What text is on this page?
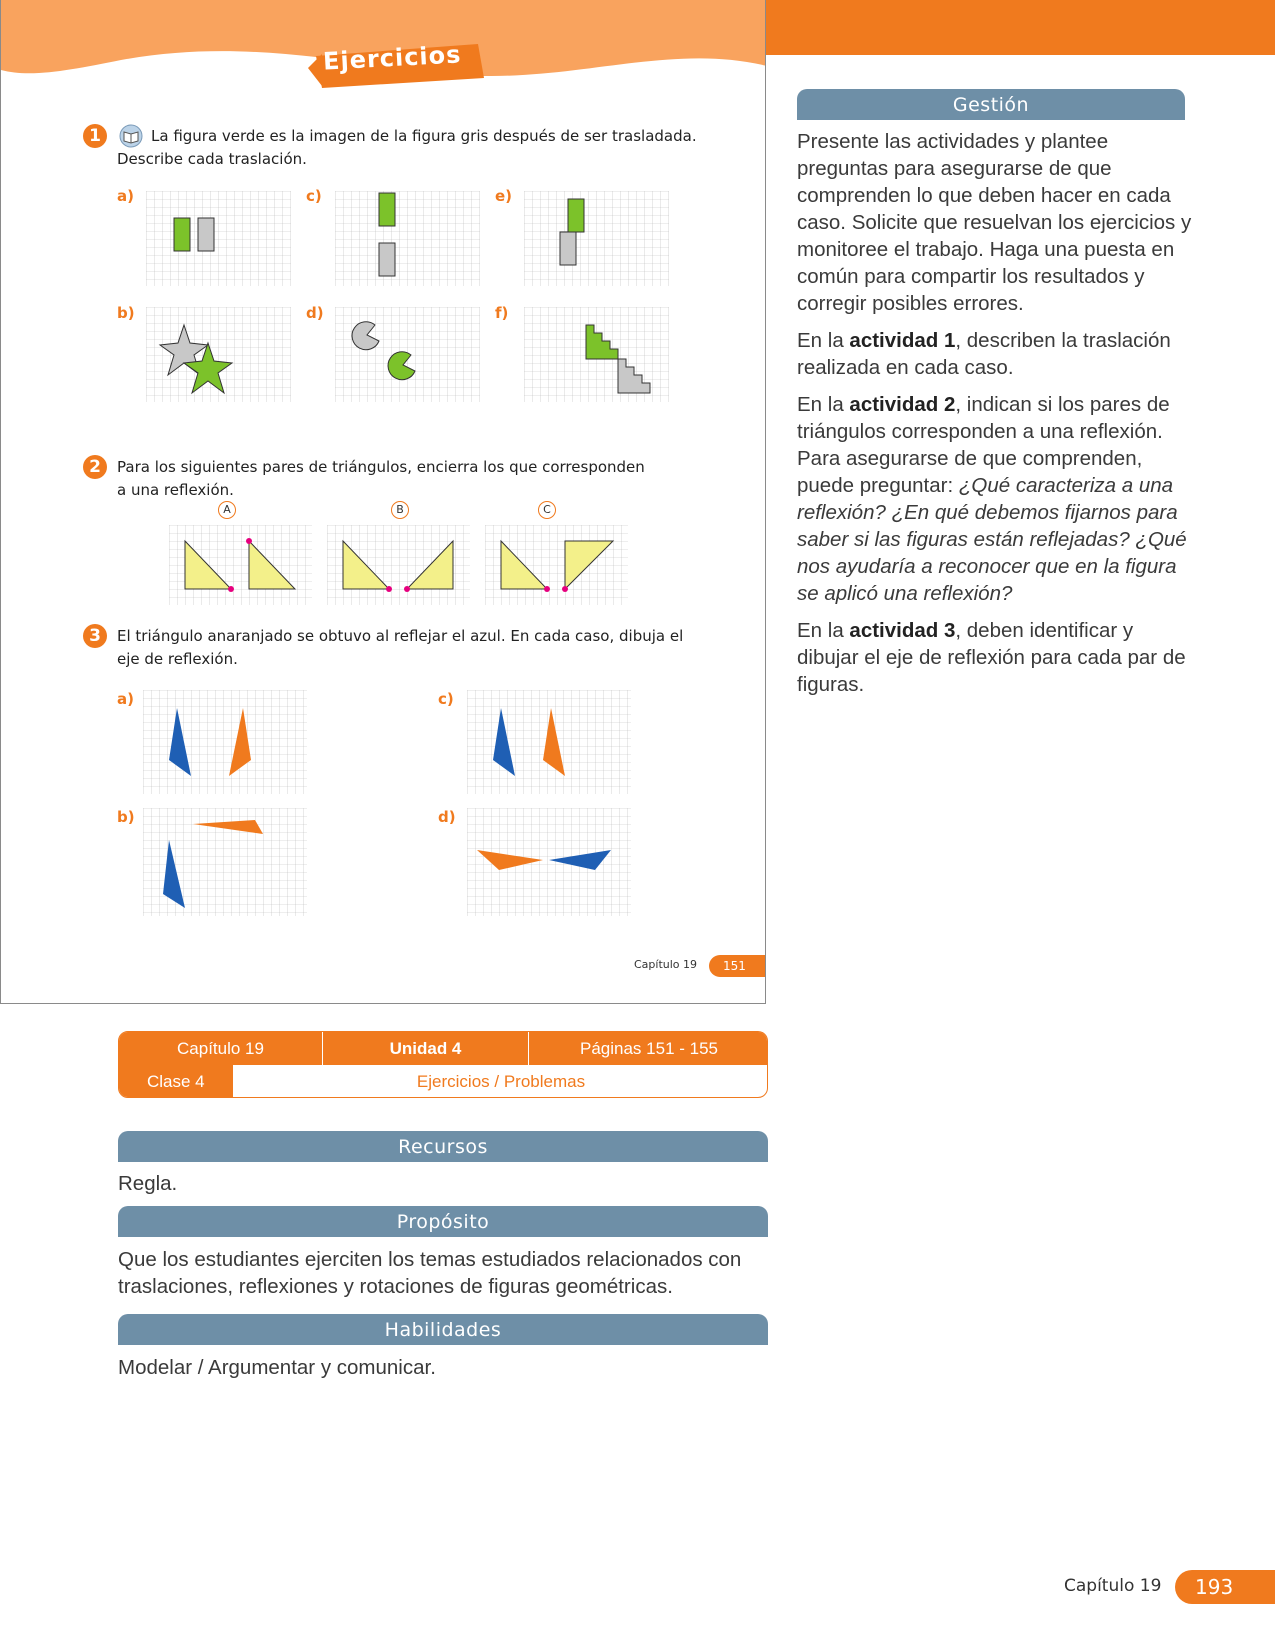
Ejercicios
1	La figura verde es la imagen de la figura gris después de ser trasladada.
Describe cada traslación.
a)
b)
c)
d)
e)
f)
2	Para los siguientes pares de triángulos, encierra los que corresponden
a una reflexión.
A	B	C
3	El triángulo anaranjado se obtuvo al reflejar el azul. En cada caso, dibuja el
eje de reflexión.
a)
b)
c)
d)
Capítulo 19	151
Gestión

Presente las actividades y plantee preguntas para asegurarse de que comprenden lo que deben hacer en cada caso. Solicite que resuelvan los ejercicios y monitoree el trabajo. Haga una puesta en común para compartir los resultados y corregir posibles errores.

En la actividad 1, describen la traslación realizada en cada caso.

En la actividad 2, indican si los pares de triángulos corresponden a una reflexión. Para asegurarse de que comprenden, puede preguntar: ¿Qué caracteriza a una reflexión? ¿En qué debemos fijarnos para saber si las figuras están reflejadas? ¿Qué nos ayudaría a reconocer que en la figura se aplicó una reflexión?

En la actividad 3, deben identificar y dibujar el eje de reflexión para cada par de figuras.

Capítulo 19	Unidad 4	Páginas 151 - 155
Clase 4	Ejercicios / Problemas
Recursos
Regla.
Propósito
Que los estudiantes ejerciten los temas estudiados relacionados con traslaciones, reflexiones y rotaciones de figuras geométricas.
Habilidades
Modelar / Argumentar y comunicar.
Capítulo 19	193
